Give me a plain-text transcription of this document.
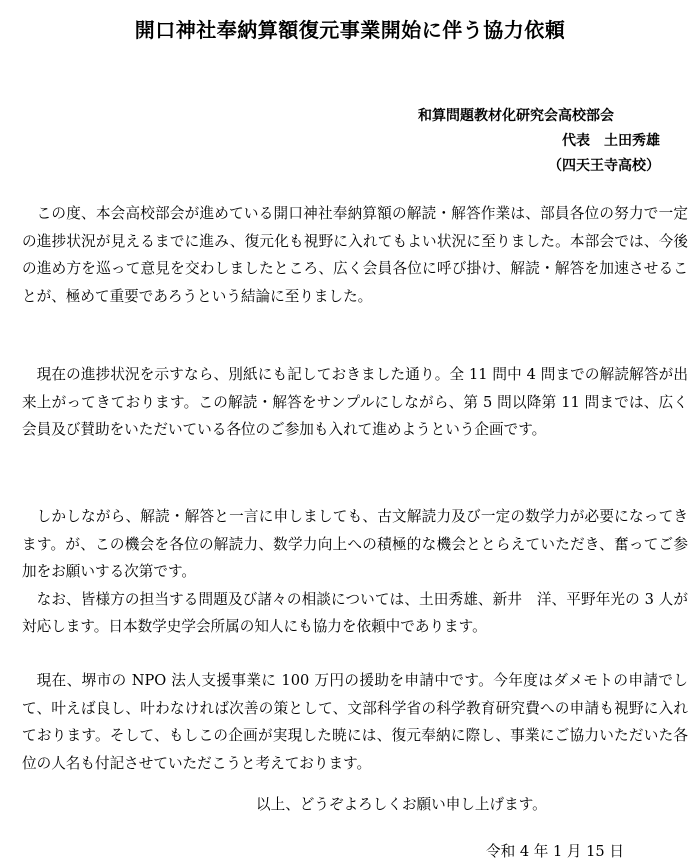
開口神社奉納算額復元事業開始に伴う協力依頼
和算問題教材化研究会高校部会
代表　土田秀雄
（四天王寺高校）

この度、本会高校部会が進めている開口神社奉納算額の解読・解答作業は、部員各位の努力で一定の進捗状況が見えるまでに進み、復元化も視野に入れてもよい状況に至りました。本部会では、今後の進め方を巡って意見を交わしましたところ、広く会員各位に呼び掛け、解読・解答を加速させることが、極めて重要であろうという結論に至りました。

現在の進捗状況を示すなら、別紙にも記しておきました通り。全 11 問中 4 問までの解読解答が出来上がってきております。この解読・解答をサンプルにしながら、第 5 問以降第 11 問までは、広く会員及び賛助をいただいている各位のご参加も入れて進めようという企画です。

しかしながら、解読・解答と一言に申しましても、古文解読力及び一定の数学力が必要になってきます。が、この機会を各位の解読力、数学力向上への積極的な機会ととらえていただき、奮ってご参加をお願いする次第です。

なお、皆様方の担当する問題及び諸々の相談については、土田秀雄、新井　洋、平野年光の 3 人が対応します。日本数学史学会所属の知人にも協力を依頼中であります。

現在、堺市の NPO 法人支援事業に 100 万円の援助を申請中です。今年度はダメモトの申請でして、叶えば良し、叶わなければ次善の策として、文部科学省の科学教育研究費への申請も視野に入れております。そして、もしこの企画が実現した暁には、復元奉納に際し、事業にご協力いただいた各位の人名も付記させていただこうと考えております。

以上、どうぞよろしくお願い申し上げます。
令和 4 年 1 月 15 日
